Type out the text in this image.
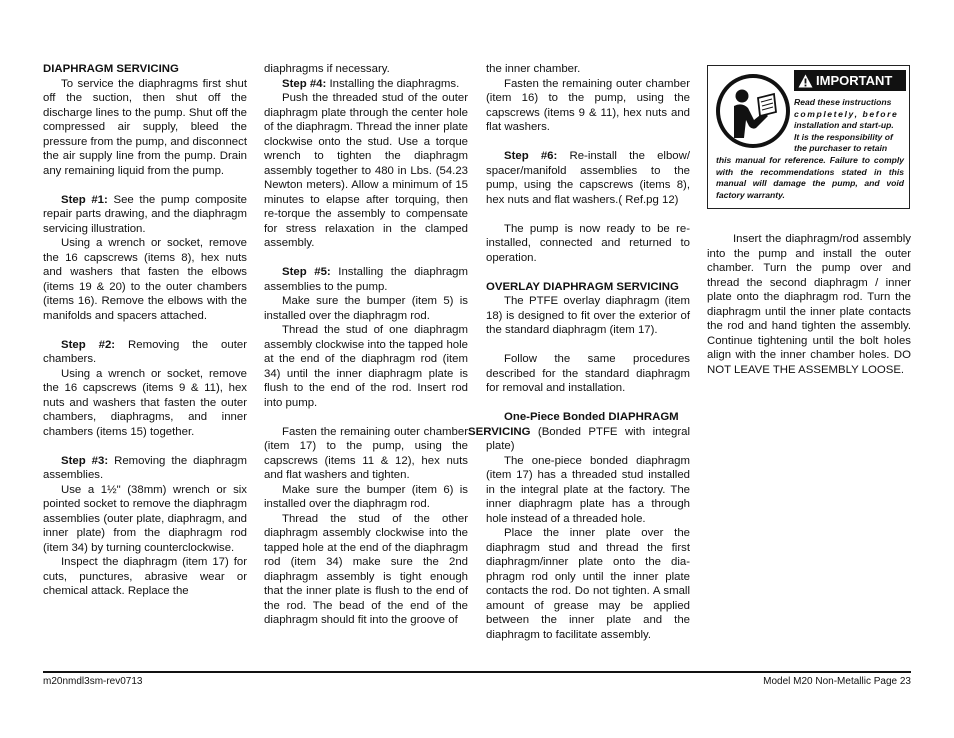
DIAPHRAGM SERVICING

To service the diaphragms first shut off the suction, then shut off the discharge lines to the pump. Shut off the compressed air supply, bleed the pressure from the pump, and disconnect the air supply line from the pump. Drain any remaining liquid from the pump.

Step #1: See the pump composite repair parts drawing, and the diaphragm servicing illustration.

Using a wrench or socket, remove the 16 capscrews (items 8), hex nuts and washers that fasten the elbows (items 19 & 20) to the outer chambers (items 16). Remove the elbows with the manifolds and spacers attached.

Step #2: Removing the outer chambers.

Using a wrench or socket, remove the 16 capscrews (items 9 & 11), hex nuts and washers that fasten the outer chambers, diaphragms, and inner chambers (items 15) together.

Step #3: Removing the diaphragm assemblies.

Use a 1½" (38mm) wrench or six pointed socket to remove the diaphragm assemblies (outer plate, diaphragm, and inner plate) from the diaphragm rod (item 34) by turning counterclockwise.

Inspect the diaphragm (item 17) for cuts, punctures, abrasive wear or chemical attack. Replace the

diaphragms if necessary.

Step #4: Installing the diaphragms.

Push the threaded stud of the outer diaphragm plate through the center hole of the diaphragm. Thread the inner plate clockwise onto the stud. Use a torque wrench to tighten the diaphragm assembly together to 480 in Lbs. (54.23 Newton meters). Allow a minimum of 15 minutes to elapse after torquing, then re-torque the assembly to compensate for stress relaxation in the clamped assembly.

Step #5: Installing the diaphragm assemblies to the pump.

Make sure the bumper (item 5) is installed over the diaphragm rod.

Thread the stud of one diaphragm assembly clockwise into the tapped hole at the end of the diaphragm rod (item 34) until the inner diaphragm plate is flush to the end of the rod. Insert rod into pump.

Fasten the remaining outer chamber (item 17) to the pump, using the capscrews (items 11 & 12), hex nuts and flat washers and tighten.

Make sure the bumper (item 6) is installed over the diaphragm rod.

Thread the stud of the other diaphragm assembly clockwise into the tapped hole at the end of the diaphragm rod (item 34) make sure the 2nd diaphragm assembly is tight enough that the inner plate is flush to the end of the rod. The bead of the end of the diaphragm should fit into the groove of

the inner chamber.

Fasten the remaining outer chamber (item 16) to the pump, using the capscrews (items 9 & 11), hex nuts and flat washers.

Step #6: Re-install the elbow/ spacer/manifold assemblies to the pump, using the capscrews (items 8), hex nuts and flat washers.( Ref.pg 12)

The pump is now ready to be re-installed, connected and returned to operation.

OVERLAY DIAPHRAGM SERVICING

The PTFE overlay diaphragm (item 18) is designed to fit over the exterior of the standard diaphragm (item 17).

Follow the same procedures described for the standard diaphragm for removal and installation.

One-Piece Bonded DIAPHRAGM
SERVICING (Bonded PTFE with integral plate)

The one-piece bonded diaphragm (item 17) has a threaded stud installed in the integral plate at the factory. The inner diaphragm plate has a through hole instead of a threaded hole.

Place the inner plate over the diaphragm stud and thread the first diaphragm/inner plate onto the dia-phragm rod only until the inner plate contacts the rod. Do not tighten. A small amount of grease may be applied between the inner plate and the diaphragm to facilitate assembly.

IMPORTANT
Read these instructions
completely, before
installation and start-up.
It is the responsibility of
the purchaser to retain
this manual for reference. Failure to comply with the recommendations stated in this manual will damage the pump, and void factory warranty.

Insert the diaphragm/rod assembly into the pump and install the outer chamber. Turn the pump over and thread the second diaphragm / inner plate onto the diaphragm rod. Turn the diaphragm until the inner plate contacts the rod and hand tighten the assembly. Continue tightening until the bolt holes align with the inner chamber holes. DO NOT LEAVE THE ASSEMBLY LOOSE.

m20nmdl3sm-rev0713	Model M20 Non-Metallic Page 23
